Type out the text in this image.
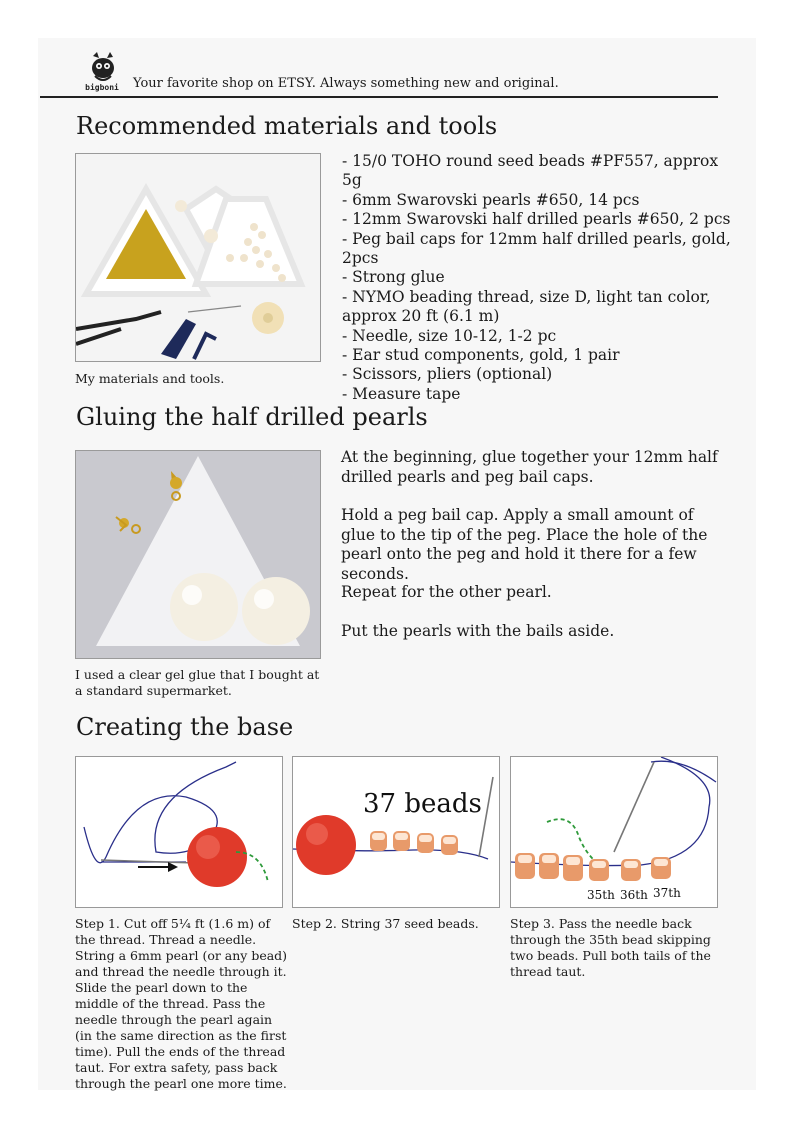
bigboni Your favorite shop on ETSY. Always something new and original.
Recommended materials and tools
My materials and tools.
- 15/0 TOHO round seed beads #PF557, approx 5g
- 6mm Swarovski pearls #650, 14 pcs
- 12mm Swarovski half drilled pearls #650, 2 pcs
- Peg bail caps for 12mm half drilled pearls, gold, 2pcs
- Strong glue
- NYMO beading thread, size D, light tan color, approx 20 ft (6.1 m)
- Needle, size 10-12, 1-2 pc
- Ear stud components, gold, 1 pair
- Scissors, pliers (optional)
- Measure tape
Gluing the half drilled pearls
I used a clear gel glue that I bought at a standard supermarket.

At the beginning, glue together your 12mm half drilled pearls and peg bail caps.

Hold a peg bail cap. Apply a small amount of glue to the tip of the peg. Place the hole of the pearl onto the peg and hold it there for a few seconds.

Repeat for the other pearl.

Put the pearls with the bails aside.

Creating the base
Step 1. Cut off 5¼ ft (1.6 m) of the thread. Thread a needle. String a 6mm pearl (or any bead) and thread the needle through it. Slide the pearl down to the middle of the thread. Pass the needle through the pearl again (in the same direction as the first time). Pull the ends of the thread taut. For extra safety, pass back through the pearl one more time.
37 beads
Step 2. String 37 seed beads.
35th 36th 37th
Step 3. Pass the needle back through the 35th bead skipping two beads. Pull both tails of the thread taut.
